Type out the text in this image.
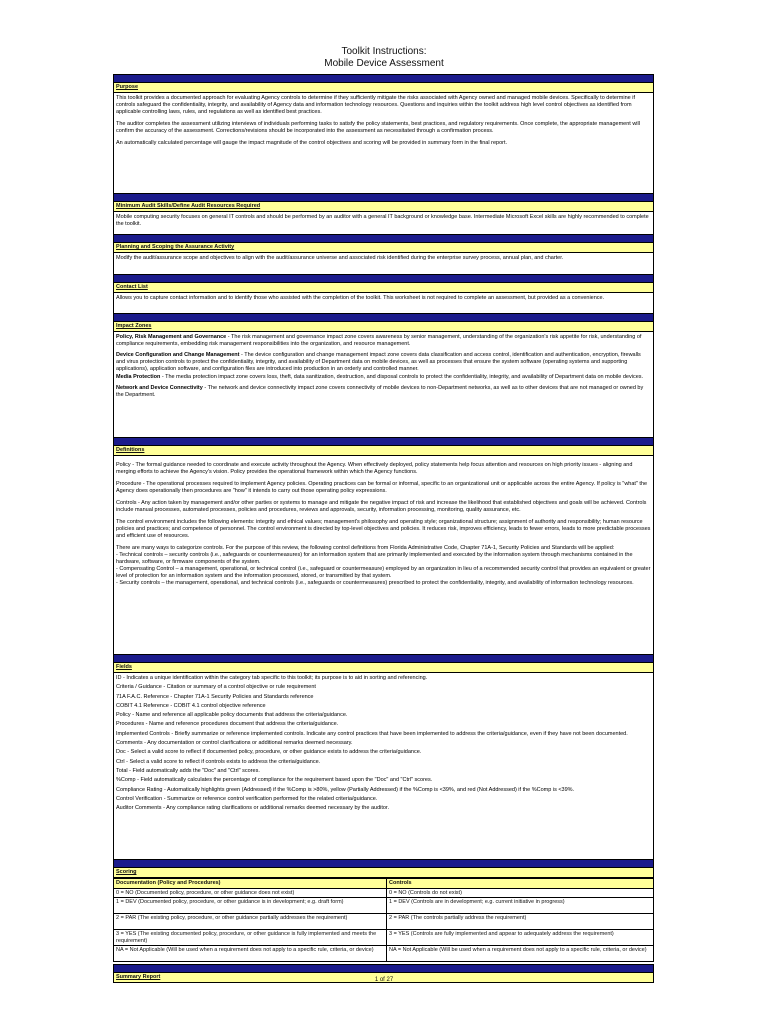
Toolkit Instructions:
Mobile Device Assessment
Purpose

This toolkit provides a documented approach for evaluating Agency controls to determine if they sufficiently mitigate the risks associated with Agency owned and managed mobile devices. Specifically to determine if controls safeguard the confidentiality, integrity, and availability of Agency data and information technology resources. Questions and inquiries within the toolkit address high level control objectives as identified from applicable controlling laws, rules, and regulations as well as identified best practices.

The auditor completes the assessment utilizing interviews of individuals performing tasks to satisfy the policy statements, best practices, and regulatory requirements. Once complete, the appropriate management will confirm the accuracy of the assessment. Corrections/revisions should be incorporated into the assessment as necessitated through a confirmation process.

An automatically calculated percentage will gauge the impact magnitude of the control objectives and scoring will be provided in summary form in the final report.

Minimum Audit Skills/Define Audit Resources Required
Mobile computing security focuses on general IT controls and should be performed by an auditor with a general IT background or knowledge base. Intermediate Microsoft Excel skills are highly recommended to complete the toolkit.
Planning and Scoping the Assurance Activity
Modify the audit/assurance scope and objectives to align with the audit/assurance universe and associated risk identified during the enterprise survey process, annual plan, and charter.
Contact List
Allows you to capture contact information and to identify those who assisted with the completion of the toolkit. This worksheet is not required to complete an assessment, but provided as a convenience.
Impact Zones

Policy, Risk Management and Governance - The risk management and governance impact zone covers awareness by senior management, understanding of the organization's risk appetite for risk, understanding of compliance requirements, embedding risk management responsibilities into the organization, and resource management.

Device Configuration and Change Management - The device configuration and change management impact zone covers data classification and access control, identification and authentication, encryption, firewalls and virus protection controls to protect the confidentiality, integrity, and availability of Department data on mobile devices, as well as processes that ensure the system software (operating systems and supporting applications), application software, and configuration files are introduced into production in an orderly and controlled manner.

Media Protection - The media protection impact zone covers loss, theft, data sanitization, destruction, and disposal controls to protect the confidentiality, integrity, and availability of Department data on mobile devices.

Network and Device Connectivity - The network and device connectivity impact zone covers connectivity of mobile devices to non-Department networks, as well as to other devices that are not managed or owned by the Department.

Definitions

Policy - The formal guidance needed to coordinate and execute activity throughout the Agency. When effectively deployed, policy statements help focus attention and resources on high priority issues - aligning and merging efforts to achieve the Agency's vision. Policy provides the operational framework within which the Agency functions.

Procedure - The operational processes required to implement Agency policies. Operating practices can be formal or informal, specific to an organizational unit or applicable across the entire Agency. If policy is "what" the Agency does operationally then procedures are "how" it intends to carry out those operating policy expressions.

Controls - Any action taken by management and/or other parties or systems to manage and mitigate the negative impact of risk and increase the likelihood that established objectives and goals will be achieved. Controls include manual processes, automated processes, policies and procedures, reviews and approvals, security, information processing, monitoring, quality assurance, etc.

The control environment includes the following elements: integrity and ethical values; management's philosophy and operating style; organizational structure; assignment of authority and responsibility; human resource policies and practices; and competence of personnel. The control environment is directed by top-level objectives and policies. It reduces risk, improves efficiency, leads to fewer errors, leads to more predictable processes and efficient use of resources.

There are many ways to categorize controls. For the purpose of this review, the following control definitions from Florida Administrative Code, Chapter 71A-1, Security Policies and Standards will be applied:

- Technical controls – security controls (i.e., safeguards or countermeasures) for an information system that are primarily implemented and executed by the information system through mechanisms contained in the hardware, software, or firmware components of the system.
- Compensating Control – a management, operational, or technical control (i.e., safeguard or countermeasure) employed by an organization in lieu of a recommended security control that provides an equivalent or greater level of protection for an information system and the information processed, stored, or transmitted by that system.
- Security controls – the management, operational, and technical controls (i.e., safeguards or countermeasures) prescribed to protect the confidentiality, integrity, and availability of information technology resources.
Fields
ID - Indicates a unique identification within the category tab specific to this toolkit; its purpose is to aid in sorting and referencing.
Criteria / Guidance - Citation or summary of a control objective or rule requirement
71A F.A.C. Reference - Chapter 71A-1 Security Policies and Standards reference
COBIT 4.1 Reference - COBIT 4.1 control objective reference
Policy - Name and reference all applicable policy documents that address the criteria/guidance.
Procedures - Name and reference procedures document that address the criteria/guidance.
Implemented Controls - Briefly summarize or reference implemented controls. Indicate any control practices that have been implemented to address the criteria/guidance, even if they have not been documented.
Comments - Any documentation or control clarifications or additional remarks deemed necessary.
Doc - Select a valid score to reflect if documented policy, procedure, or other guidance exists to address the criteria/guidance.
Ctrl - Select a valid score to reflect if controls exists to address the criteria/guidance.
Total - Field automatically adds the "Doc" and "Ctrl" scores.
%Comp - Field automatically calculates the percentage of compliance for the requirement based upon the "Doc" and "Ctrl" scores.
Compliance Rating - Automatically highlights green (Addressed) if the %Comp is >80%, yellow (Partially Addressed) if the %Comp is <39%, and red (Not Addressed) if the %Comp is <39%.
Control Verification - Summarize or reference control verification performed for the related criteria/guidance.
Auditor Comments - Any compliance rating clarifications or additional remarks deemed necessary by the auditor.
Scoring
Documentation (Policy and Procedures)	Controls
0 = NO (Documented policy, procedure, or other guidance does not exist)	0 = NO (Controls do not exist)
1 = DEV (Documented policy, procedure, or other guidance is in development; e.g. draft form)	1 = DEV (Controls are in development; e.g. current initiative in progress)
2 = PAR (The existing policy, procedure, or other guidance partially addresses the requirement)	2 = PAR (The controls partially address the requirement)
3 = YES (The existing documented policy, procedure, or other guidance is fully implemented and meets the requirement)	3 = YES (Controls are fully implemented and appear to adequately address the requirement)
NA = Not Applicable (Will be used when a requirement does not apply to a specific rule, criteria, or device)	NA = Not Applicable (Will be used when a requirement does not apply to a specific rule, criteria, or device)
Summary Report	1 of 27
